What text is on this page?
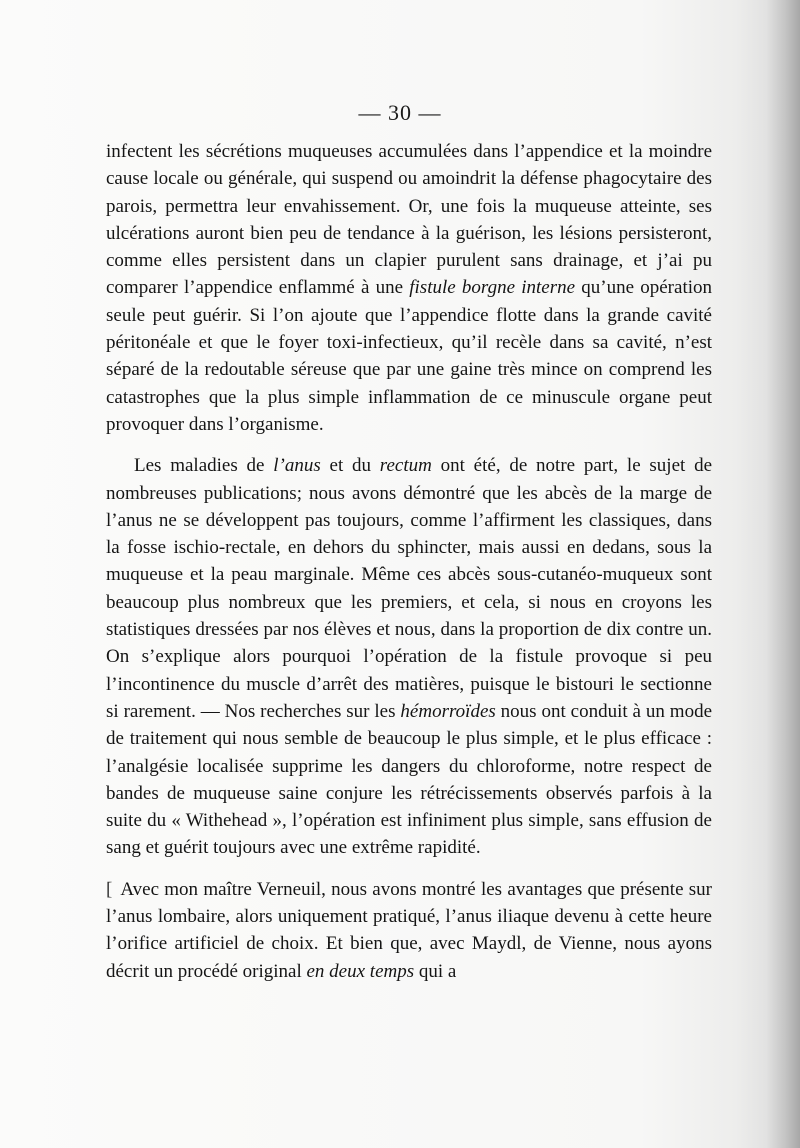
— 30 —

infectent les sécrétions muqueuses accumulées dans l’appendice et la moindre cause locale ou générale, qui suspend ou amoindrit la défense phagocytaire des parois, permettra leur envahissement. Or, une fois la muqueuse atteinte, ses ulcérations auront bien peu de tendance à la guérison, les lésions persisteront, comme elles persistent dans un clapier purulent sans drainage, et j’ai pu comparer l’appendice enflammé à une fistule borgne interne qu’une opération seule peut guérir. Si l’on ajoute que l’appendice flotte dans la grande cavité péritonéale et que le foyer toxi-infectieux, qu’il recèle dans sa cavité, n’est séparé de la redoutable séreuse que par une gaine très mince on comprend les catastrophes que la plus simple inflammation de ce minuscule organe peut provoquer dans l’organisme.

Les maladies de l’anus et du rectum ont été, de notre part, le sujet de nombreuses publications; nous avons démontré que les abcès de la marge de l’anus ne se développent pas toujours, comme l’affirment les classiques, dans la fosse ischio-rectale, en dehors du sphincter, mais aussi en dedans, sous la muqueuse et la peau marginale. Même ces abcès sous-cutanéo-muqueux sont beaucoup plus nombreux que les premiers, et cela, si nous en croyons les statistiques dressées par nos élèves et nous, dans la proportion de dix contre un. On s’explique alors pourquoi l’opération de la fistule provoque si peu l’incontinence du muscle d’arrêt des matières, puisque le bistouri le sectionne si rarement. — Nos recherches sur les hémorroïdes nous ont conduit à un mode de traitement qui nous semble de beaucoup le plus simple, et le plus efficace : l’analgésie localisée supprime les dangers du chloroforme, notre respect de bandes de muqueuse saine conjure les rétrécissements observés parfois à la suite du « Withehead », l’opération est infiniment plus simple, sans effusion de sang et guérit toujours avec une extrême rapidité.

[ Avec mon maître Verneuil, nous avons montré les avantages que présente sur l’anus lombaire, alors uniquement pratiqué, l’anus iliaque devenu à cette heure l’orifice artificiel de choix. Et bien que, avec Maydl, de Vienne, nous ayons décrit un procédé original en deux temps qui a
